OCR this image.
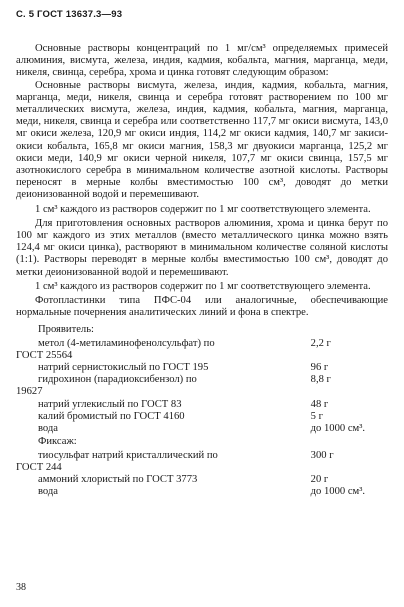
С. 5 ГОСТ 13637.3—93

Основные растворы концентраций по 1 мг/см³ определяемых примесей алюминия, висмута, железа, индия, кадмия, кобальта, магния, марганца, меди, никеля, свинца, серебра, хрома и цинка готовят следующим образом:

Основные растворы висмута, железа, индия, кадмия, кобальта, магния, марганца, меди, никеля, свинца и серебра готовят растворением по 100 мг металлических висмута, железа, индия, кадмия, кобальта, магния, марганца, меди, никеля, свинца и серебра или соответственно 117,7 мг окиси висмута, 143,0 мг окиси железа, 120,9 мг окиси индия, 114,2 мг окиси кадмия, 140,7 мг закиси-окиси кобальта, 165,8 мг окиси магния, 158,3 мг двуокиси марганца, 125,2 мг окиси меди, 140,9 мг окиси черной никеля, 107,7 мг окиси свинца, 157,5 мг азотнокислого серебра в минимальном количестве азотной кислоты. Растворы переносят в мерные колбы вместимостью 100 см³, доводят до метки деионизованной водой и перемешивают.

1 см³ каждого из растворов содержит по 1 мг соответствующего элемента.

Для приготовления основных растворов алюминия, хрома и цинка берут по 100 мг каждого из этих металлов (вместо металлического цинка можно взять 124,4 мг окиси цинка), растворяют в минимальном количестве соляной кислоты (1:1). Растворы переводят в мерные колбы вместимостью 100 см³, доводят до метки деионизованной водой и перемешивают.

1 см³ каждого из растворов содержит по 1 мг соответствующего элемента.

Фотопластинки типа ПФС-04 или аналогичные, обеспечивающие нормальные почернения аналитических линий и фона в спектре.

Проявитель:
метол (4-метиламинофенолсульфат) по	2,2 г
ГОСТ 25564
натрий сернистокислый по ГОСТ 195	96 г
гидрохинон (парадиоксибензол) по	8,8 г
19627
натрий углекислый по ГОСТ 83	48 г
калий бромистый по ГОСТ 4160	5 г
вода	до 1000 см³.
Фиксаж:
тиосульфат натрий кристаллический по	300 г
ГОСТ 244
аммоний хлористый по ГОСТ 3773	20 г
вода	до 1000 см³.
38
